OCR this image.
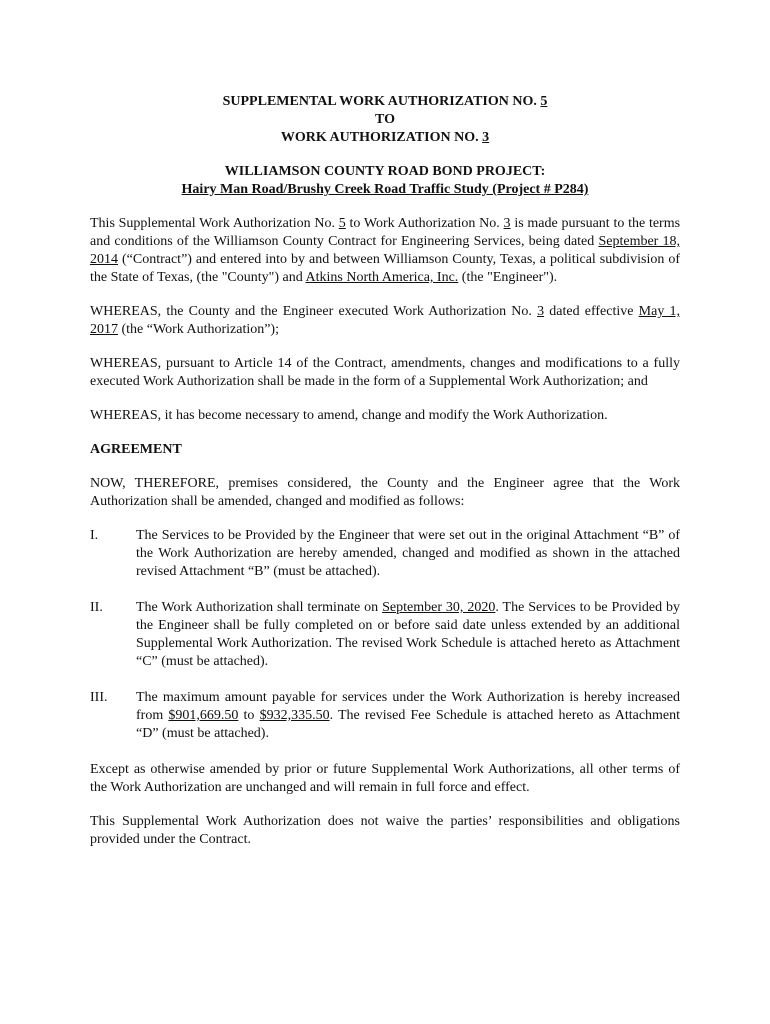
SUPPLEMENTAL WORK AUTHORIZATION NO. 5
TO
WORK AUTHORIZATION NO. 3
WILLIAMSON COUNTY ROAD BOND PROJECT:
Hairy Man Road/Brushy Creek Road Traffic Study (Project # P284)

This Supplemental Work Authorization No. 5 to Work Authorization No. 3 is made pursuant to the terms and conditions of the Williamson County Contract for Engineering Services, being dated September 18, 2014 (“Contract”) and entered into by and between Williamson County, Texas, a political subdivision of the State of Texas, (the "County") and Atkins North America, Inc. (the "Engineer").

WHEREAS, the County and the Engineer executed Work Authorization No. 3 dated effective May 1, 2017 (the “Work Authorization”);

WHEREAS, pursuant to Article 14 of the Contract, amendments, changes and modifications to a fully executed Work Authorization shall be made in the form of a Supplemental Work Authorization; and

WHEREAS, it has become necessary to amend, change and modify the Work Authorization.

AGREEMENT

NOW, THEREFORE, premises considered, the County and the Engineer agree that the Work Authorization shall be amended, changed and modified as follows:

I.	The Services to be Provided by the Engineer that were set out in the original Attachment “B” of the Work Authorization are hereby amended, changed and modified as shown in the attached revised Attachment “B” (must be attached).
II.	The Work Authorization shall terminate on September 30, 2020. The Services to be Provided by the Engineer shall be fully completed on or before said date unless extended by an additional Supplemental Work Authorization. The revised Work Schedule is attached hereto as Attachment “C” (must be attached).
III.	The maximum amount payable for services under the Work Authorization is hereby increased from $901,669.50 to $932,335.50. The revised Fee Schedule is attached hereto as Attachment “D” (must be attached).

Except as otherwise amended by prior or future Supplemental Work Authorizations, all other terms of the Work Authorization are unchanged and will remain in full force and effect.

This Supplemental Work Authorization does not waive the parties’ responsibilities and obligations provided under the Contract.
